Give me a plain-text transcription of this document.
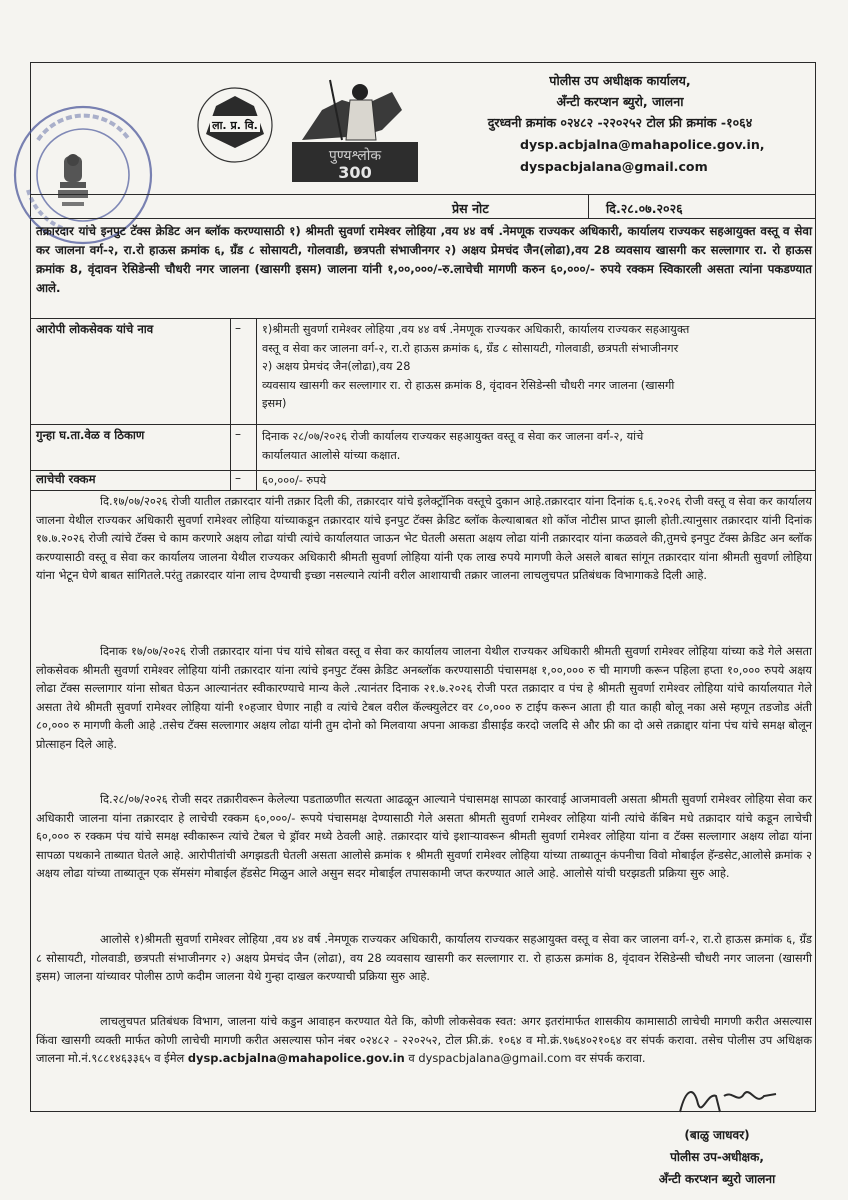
ला. प्र. वि.
पुण्यश्लोक
300
पोलीस उप अधीक्षक कार्यालय,
अँन्टी करप्शन ब्युरो, जालना
दुरध्वनी क्रमांक ०२४८२ -२२०२५२ टोल फ्री क्रमांक -१०६४
dysp.acbjalna@mahapolice.gov.in,
dyspacbjalana@gmail.com
प्रेस नोट	दि.२८.०७.२०२६
तक्रारदार यांचे इनपुट टॅक्स क्रेडिट अन ब्लॉक करण्यासाठी १) श्रीमती सुवर्णा रामेश्वर लोहिया ,वय ४४ वर्ष .नेमणूक राज्यकर अधिकारी, कार्यालय राज्यकर सहआयुक्त वस्तू व सेवा कर जालना वर्ग-२, रा.रो हाऊस क्रमांक ६, ग्रँड ८ सोसायटी, गोलवाडी, छत्रपती संभाजीनगर २) अक्षय प्रेमचंद जैन(लोढा),वय 28 व्यवसाय खासगी कर सल्लागार रा. रो हाऊस क्रमांक 8, वृंदावन रेसिडेन्सी चौधरी नगर जालना (खासगी इसम) जालना यांनी १,००,०००/-रु.लाचेची मागणी करुन ६०,०००/- रुपये रक्कम स्विकारली असता त्यांना पकडण्यात आले.
आरोपी लोकसेवक यांचे नाव	– १)श्रीमती सुवर्णा रामेश्वर लोहिया ,वय ४४ वर्ष .नेमणूक राज्यकर अधिकारी, कार्यालय राज्यकर सहआयुक्त
वस्तू व सेवा कर जालना वर्ग-२, रा.रो हाऊस क्रमांक ६, ग्रँड ८ सोसायटी, गोलवाडी, छत्रपती संभाजीनगर
२) अक्षय प्रेमचंद जैन(लोढा),वय 28
व्यवसाय खासगी कर सल्लागार रा. रो हाऊस क्रमांक 8, वृंदावन रेसिडेन्सी चौधरी नगर जालना (खासगी
इसम)
गुन्हा घ.ता.वेळ व ठिकाण	– दिनाक २८/०७/२०२६ रोजी कार्यालय राज्यकर सहआयुक्त वस्तू व सेवा कर जालना वर्ग-२, यांचे
कार्यालयात आलोसे यांच्या कक्षात.
लाचेची रक्कम	– ६०,०००/- रुपये
दि.१७/०७/२०२६ रोजी यातील तक्रारदार यांनी तक्रार दिली की, तक्रारदार यांचे इलेक्ट्रॉनिक वस्तूचे दुकान आहे.तक्रारदार यांना दिनांक ६.६.२०२६ रोजी वस्तू व सेवा कर कार्यालय जालना येथील राज्यकर अधिकारी सुवर्णा रामेश्वर लोहिया यांच्याकडून तक्रारदार यांचे इनपुट टॅक्स क्रेडिट ब्लॉक केल्याबाबत शो कॉज नोटीस प्राप्त झाली होती.त्यानुसार तक्रारदार यांनी दिनांक १७.७.२०२६ रोजी त्यांचे टॅक्स चे काम करणारे अक्षय लोढा यांची त्यांचे कार्यालयात जाऊन भेट घेतली असता अक्षय लोढा यांनी तक्रारदार यांना कळवले की,तुमचे इनपुट टॅक्स क्रेडिट अन ब्लॉक करण्यासाठी वस्तू व सेवा कर कार्यालय जालना येथील राज्यकर अधिकारी श्रीमती सुवर्णा लोहिया यांनी एक लाख रुपये मागणी केले असले बाबत सांगून तक्रारदार यांना श्रीमती सुवर्णा लोहिया यांना भेटून घेणे बाबत सांगितले.परंतु तक्रारदार यांना लाच देण्याची इच्छा नसल्याने त्यांनी वरील आशायाची तक्रार जालना लाचलुचपत प्रतिबंधक विभागाकडे दिली आहे.
दिनाक १७/०७/२०२६ रोजी तक्रारदार यांना पंच यांचे सोबत वस्तू व सेवा कर कार्यालय जालना येथील राज्यकर अधिकारी श्रीमती सुवर्णा रामेश्वर लोहिया यांच्या कडे गेले असता लोकसेवक श्रीमती सुवर्णा रामेश्वर लोहिया यांनी तक्रारदार यांना त्यांचे इनपुट टॅक्स क्रेडिट अनब्लॉक करण्यासाठी पंचासमक्ष १,००,००० रु ची मागणी करून पहिला हप्ता १०,००० रुपये अक्षय लोढा टॅक्स सल्लागार यांना सोबत घेऊन आल्यानंतर स्वीकारण्याचे मान्य केले .त्यानंतर दिनाक २१.७.२०२६ रोजी परत तक्रादार व पंच हे श्रीमती सुवर्णा रामेश्वर लोहिया यांचे कार्यालयात गेले असता तेथे श्रीमती सुवर्णा रामेश्वर लोहिया यांनी १०हजार घेणार नाही व त्यांचे टेबल वरील कॅल्क्युलेटर वर ८०,००० रु टाईप करून आता ही यात काही बोलू नका असे म्हणून तडजोड अंती ८०,००० रु मागणी केली आहे .तसेच टॅक्स सल्लागार अक्षय लोढा यांनी तुम दोनो को मिलवाया अपना आकडा डीसाईड करदो जलदि से और फ्री का दो असे तक्राद्दार यांना पंच यांचे समक्ष बोलून प्रोत्साहन दिले आहे.
दि.२८/०७/२०२६ रोजी सदर तक्रारीवरून केलेल्या पडताळणीत सत्यता आढळून आल्याने पंचासमक्ष सापळा कारवाई आजमावली असता श्रीमती सुवर्णा रामेश्वर लोहिया सेवा कर अधिकारी जालना यांना तक्रारदार हे लाचेची रक्कम ६०,०००/- रूपये पंचासमक्ष देण्यासाठी गेले असता श्रीमती सुवर्णा रामेश्वर लोहिया यांनी त्यांचे कॅबिन मधे तक्रादार यांचे कडून लाचेची ६०,००० रु रक्कम पंच यांचे समक्ष स्वीकारून त्यांचे टेबल चे ड्रॉवर मध्ये ठेवली आहे. तक्रारदार यांचे इशाऱ्यावरून श्रीमती सुवर्णा रामेश्वर लोहिया यांना व टॅक्स सल्लागार अक्षय लोढा यांना सापळा पथकाने ताब्यात घेतले आहे. आरोपीतांची अगझडती घेतली असता आलोसे क्रमांक १ श्रीमती सुवर्णा रामेश्वर लोहिया यांच्या ताब्यातून कंपनीचा विवो मोबाईल हॅन्डसेट,आलोसे क्रमांक २ अक्षय लोढा यांच्या ताब्यातून एक सॅमसंग मोबाईल हॅडसेट मिळुन आले असुन सदर मोबाईल तपासकामी जप्त करण्यात आले आहे. आलोसे यांची घरझडती प्रक्रिया सुरु आहे.
आलोसे १)श्रीमती सुवर्णा रामेश्वर लोहिया ,वय ४४ वर्ष .नेमणूक राज्यकर अधिकारी, कार्यालय राज्यकर सहआयुक्त वस्तू व सेवा कर जालना वर्ग-२, रा.रो हाऊस क्रमांक ६, ग्रँड ८ सोसायटी, गोलवाडी, छत्रपती संभाजीनगर २) अक्षय प्रेमचंद जैन (लोढा), वय 28 व्यवसाय खासगी कर सल्लागार रा. रो हाऊस क्रमांक 8, वृंदावन रेसिडेन्सी चौधरी नगर जालना (खासगी इसम) जालना यांच्यावर पोलीस ठाणे कदीम जालना येथे गुन्हा दाखल करण्याची प्रक्रिया सुरु आहे.
लाचलुचपत प्रतिबंधक विभाग, जालना यांचे कडुन आवाहन करण्यात येते कि, कोणी लोकसेवक स्वत: अगर इतरांमार्फत शासकीय कामासाठी लाचेची मागणी करीत असल्यास किंवा खासगी व्यक्ती मार्फत कोणी लाचेची मागणी करीत असल्यास फोन नंबर ०२४८२ - २२०२५२, टोल फ्री.क्रं. १०६४ व मो.क्रं.९७६४०२१०६४ वर संपर्क करावा. तसेच पोलीस उप अधिक्षक जालना मो.नं.९८८१४६३३६५ व ईमेल dysp.acbjalna@mahapolice.gov.in व dyspacbjalana@gmail.com वर संपर्क करावा.
(बाळु जाधवर)
पोलीस उप-अधीक्षक,
अँन्टी करप्शन ब्युरो जालना
